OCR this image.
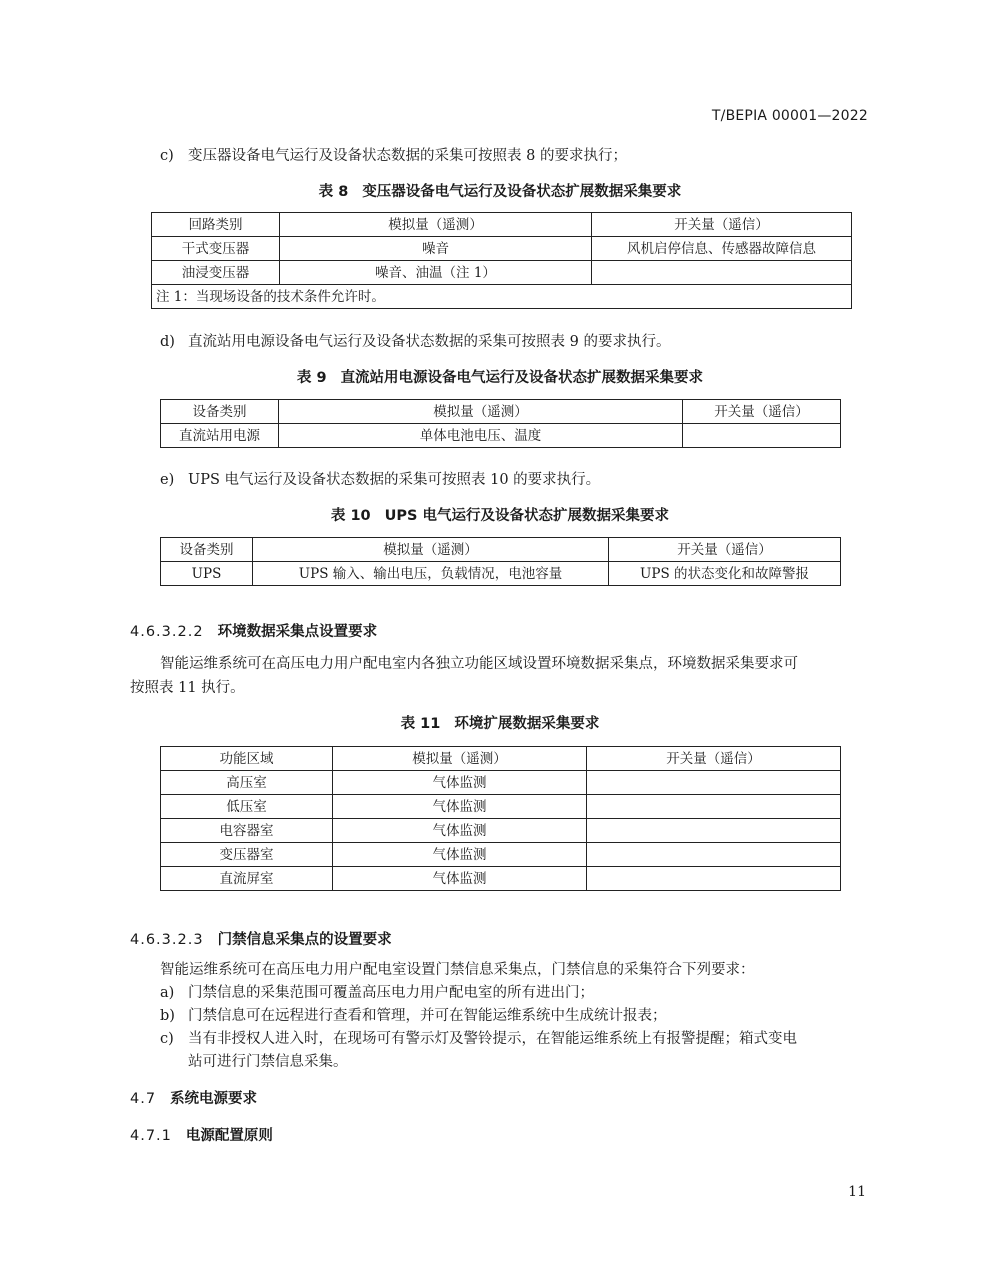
T/BEPIA 00001—2022
c) 变压器设备电气运行及设备状态数据的采集可按照表 8 的要求执行；
表 8 变压器设备电气运行及设备状态扩展数据采集要求
回路类别	模拟量（遥测）	开关量（遥信）
干式变压器	噪音	风机启停信息、传感器故障信息
油浸变压器	噪音、油温（注 1）	
注 1：当现场设备的技术条件允许时。		
d) 直流站用电源设备电气运行及设备状态数据的采集可按照表 9 的要求执行。
表 9 直流站用电源设备电气运行及设备状态扩展数据采集要求
设备类别	模拟量（遥测）	开关量（遥信）
直流站用电源	单体电池电压、温度	
e) UPS 电气运行及设备状态数据的采集可按照表 10 的要求执行。
表 10 UPS 电气运行及设备状态扩展数据采集要求
设备类别	模拟量（遥测）	开关量（遥信）
UPS	UPS 输入、输出电压，负载情况，电池容量	UPS 的状态变化和故障警报
4.6.3.2.2 环境数据采集点设置要求
智能运维系统可在高压电力用户配电室内各独立功能区域设置环境数据采集点，环境数据采集要求可
按照表 11 执行。
表 11 环境扩展数据采集要求
功能区域	模拟量（遥测）	开关量（遥信）
高压室	气体监测	
低压室	气体监测	
电容器室	气体监测	
变压器室	气体监测	
直流屏室	气体监测	
4.6.3.2.3 门禁信息采集点的设置要求
智能运维系统可在高压电力用户配电室设置门禁信息采集点，门禁信息的采集符合下列要求：
a) 门禁信息的采集范围可覆盖高压电力用户配电室的所有进出门；
b) 门禁信息可在远程进行查看和管理，并可在智能运维系统中生成统计报表；
c) 当有非授权人进入时，在现场可有警示灯及警铃提示，在智能运维系统上有报警提醒；箱式变电
站可进行门禁信息采集。
4.7 系统电源要求
4.7.1 电源配置原则
11
